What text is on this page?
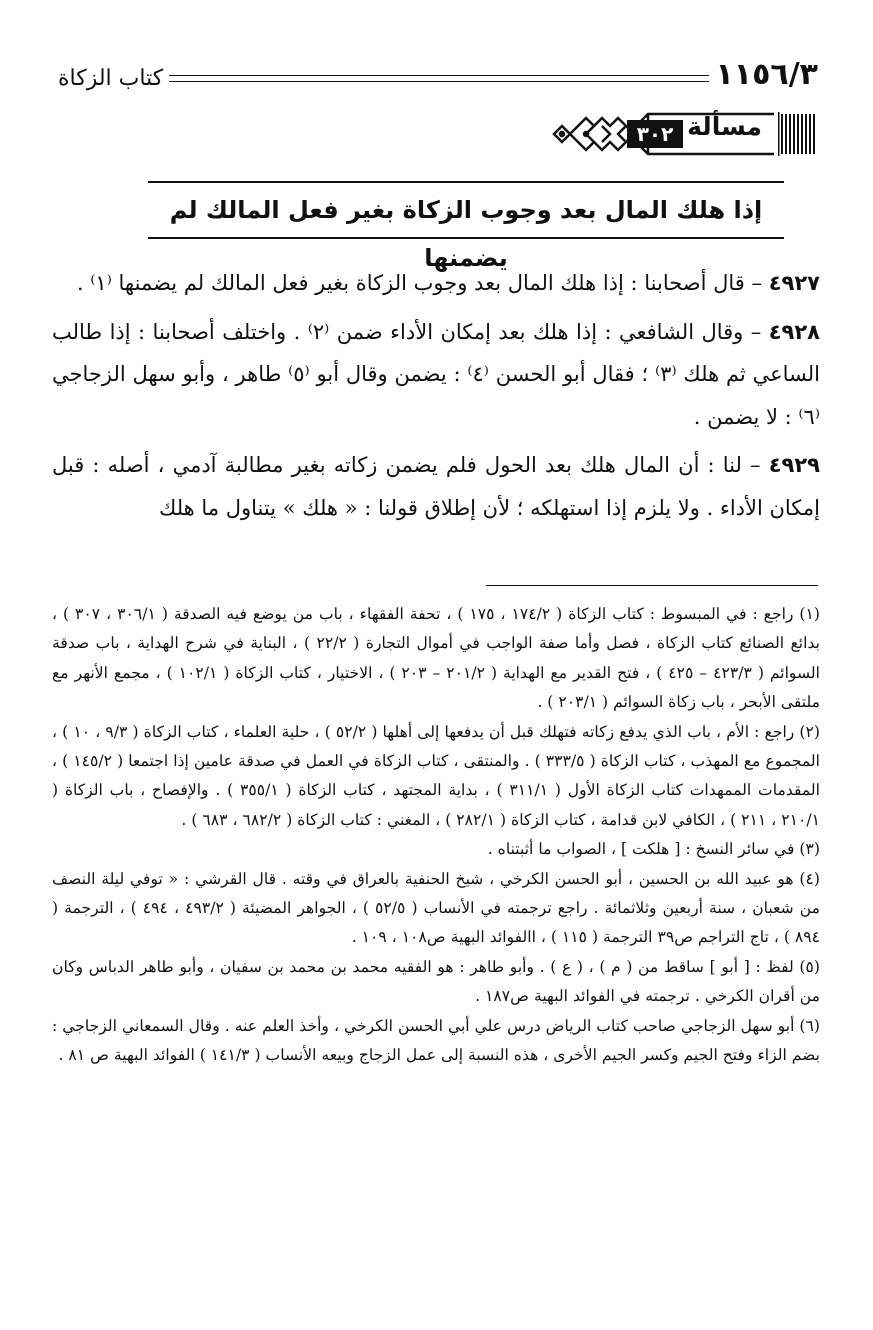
١١٥٦/٣
كتاب الزكاة
مسألة
٣٠٢
إذا هلك المال بعد وجوب الزكاة بغير فعل المالك لم يضمنها

٤٩٢٧ – قال أصحابنا : إذا هلك المال بعد وجوب الزكاة بغير فعل المالك لم يضمنها ⁽١⁾ .

٤٩٢٨ – وقال الشافعي : إذا هلك بعد إمكان الأداء ضمن ⁽٢⁾ . واختلف أصحابنا : إذا طالب الساعي ثم هلك ⁽٣⁾ ؛ فقال أبو الحسن ⁽٤⁾ : يضمن وقال أبو ⁽٥⁾ طاهر ، وأبو سهل الزجاجي ⁽٦⁾ : لا يضمن .

٤٩٢٩ – لنا : أن المال هلك بعد الحول فلم يضمن زكاته بغير مطالبة آدمي ، أصله : قبل إمكان الأداء . ولا يلزم إذا استهلكه ؛ لأن إطلاق قولنا : « هلك » يتناول ما هلك

(١) راجع : في المبسوط : كتاب الزكاة ( ١٧٤/٢ ، ١٧٥ ) ، تحفة الفقهاء ، باب من يوضع فيه الصدقة ( ٣٠٦/١ ، ٣٠٧ ) ، بدائع الصنائع كتاب الزكاة ، فصل وأما صفة الواجب في أموال التجارة ( ٢٢/٢ ) ، البناية في شرح الهداية ، باب صدقة السوائم ( ٤٢٣/٣ – ٤٢٥ ) ، فتح القدير مع الهداية ( ٢٠١/٢ – ٢٠٣ ) ، الاختيار ، كتاب الزكاة ( ١٠٢/١ ) ، مجمع الأنهر مع ملتقى الأبحر ، باب زكاة السوائم ( ٢٠٣/١ ) .

(٢) راجع : الأم ، باب الذي يدفع زكاته فتهلك قبل أن يدفعها إلى أهلها ( ٥٢/٢ ) ، حلية العلماء ، كتاب الزكاة ( ٩/٣ ، ١٠ ) ، المجموع مع المهذب ، كتاب الزكاة ( ٣٣٣/٥ ) . والمنتقى ، كتاب الزكاة في العمل في صدقة عامين إذا اجتمعا ( ١٤٥/٢ ) ، المقدمات الممهدات كتاب الزكاة الأول ( ٣١١/١ ) ، بداية المجتهد ، كتاب الزكاة ( ٣٥٥/١ ) . والإفصاح ، باب الزكاة ( ٢١٠/١ ، ٢١١ ) ، الكافي لابن قدامة ، كتاب الزكاة ( ٢٨٢/١ ) ، المغني : كتاب الزكاة ( ٦٨٢/٢ ، ٦٨٣ ) .

(٣) في سائر النسخ : [ هلكت ] ، الصواب ما أثبتناه .

(٤) هو عبيد الله بن الحسين ، أبو الحسن الكرخي ، شيخ الحنفية بالعراق في وقته . قال القرشي : « توفي ليلة النصف من شعبان ، سنة أربعين وثلاثمائة . راجع ترجمته في الأنساب ( ٥٢/٥ ) ، الجواهر المضيئة ( ٤٩٣/٢ ، ٤٩٤ ) ، الترجمة ( ٨٩٤ ) ، تاج التراجم ص٣٩ الترجمة ( ١١٥ ) ، االفوائد البهية ص١٠٨ ، ١٠٩ .

(٥) لفظ : [ أبو ] ساقط من ( م ) ، ( ع ) . وأبو طاهر : هو الفقيه محمد بن محمد بن سفيان ، وأبو طاهر الدباس وكان من أقران الكرخي . ترجمته في الفوائد البهية ص١٨٧ .

(٦) أبو سهل الزجاجي صاحب كتاب الرياض درس علي أبي الحسن الكرخي ، وأخذ العلم عنه . وقال السمعاني الزجاجي : بضم الزاء وفتح الجيم وكسر الجيم الأخرى ، هذه النسبة إلى عمل الزجاج وبيعه الأنساب ( ١٤١/٣ ) الفوائد البهية ص ٨١ .
